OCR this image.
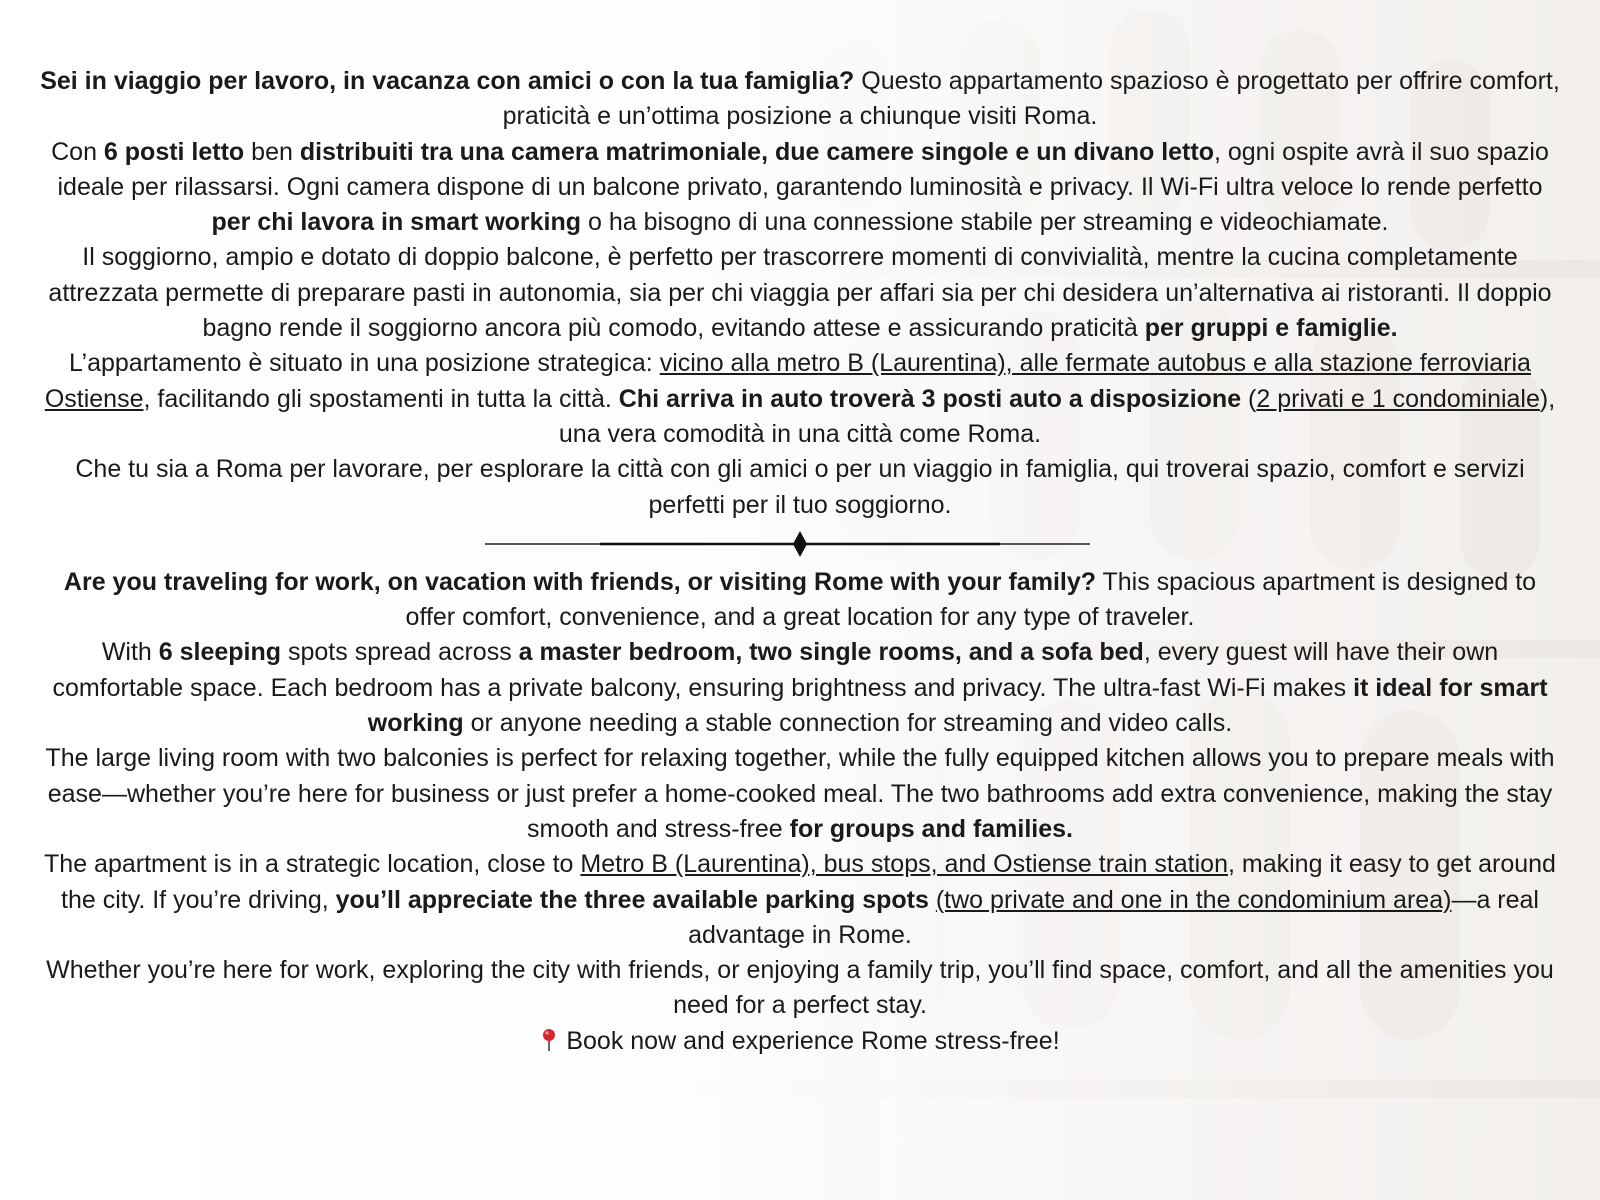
Sei in viaggio per lavoro, in vacanza con amici o con la tua famiglia? Questo appartamento spazioso è progettato per offrire comfort, praticità e un’ottima posizione a chiunque visiti Roma.

Con 6 posti letto ben distribuiti tra una camera matrimoniale, due camere singole e un divano letto, ogni ospite avrà il suo spazio ideale per rilassarsi. Ogni camera dispone di un balcone privato, garantendo luminosità e privacy. Il Wi-Fi ultra veloce lo rende perfetto per chi lavora in smart working o ha bisogno di una connessione stabile per streaming e videochiamate.

Il soggiorno, ampio e dotato di doppio balcone, è perfetto per trascorrere momenti di convivialità, mentre la cucina completamente attrezzata permette di preparare pasti in autonomia, sia per chi viaggia per affari sia per chi desidera un’alternativa ai ristoranti. Il doppio bagno rende il soggiorno ancora più comodo, evitando attese e assicurando praticità per gruppi e famiglie.

L’appartamento è situato in una posizione strategica: vicino alla metro B (Laurentina), alle fermate autobus e alla stazione ferroviaria Ostiense, facilitando gli spostamenti in tutta la città. Chi arriva in auto troverà 3 posti auto a disposizione (2 privati e 1 condominiale), una vera comodità in una città come Roma.

Che tu sia a Roma per lavorare, per esplorare la città con gli amici o per un viaggio in famiglia, qui troverai spazio, comfort e servizi perfetti per il tuo soggiorno.

Are you traveling for work, on vacation with friends, or visiting Rome with your family? This spacious apartment is designed to offer comfort, convenience, and a great location for any type of traveler.

With 6 sleeping spots spread across a master bedroom, two single rooms, and a sofa bed, every guest will have their own comfortable space. Each bedroom has a private balcony, ensuring brightness and privacy. The ultra-fast Wi-Fi makes it ideal for smart working or anyone needing a stable connection for streaming and video calls.

The large living room with two balconies is perfect for relaxing together, while the fully equipped kitchen allows you to prepare meals with ease—whether you’re here for business or just prefer a home-cooked meal. The two bathrooms add extra convenience, making the stay smooth and stress-free for groups and families.

The apartment is in a strategic location, close to Metro B (Laurentina), bus stops, and Ostiense train station, making it easy to get around the city. If you’re driving, you’ll appreciate the three available parking spots (two private and one in the condominium area)—a real advantage in Rome.

Whether you’re here for work, exploring the city with friends, or enjoying a family trip, you’ll find space, comfort, and all the amenities you need for a perfect stay.

Book now and experience Rome stress-free!
